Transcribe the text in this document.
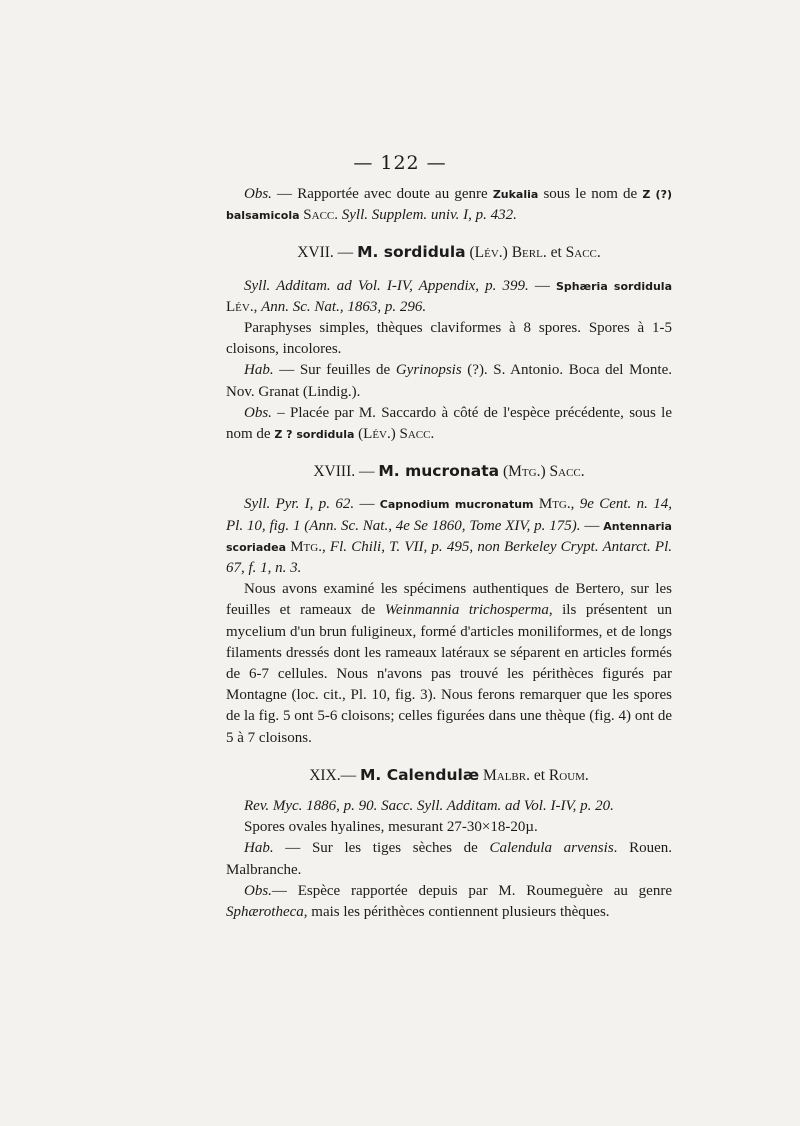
— 122 —

Obs. — Rapportée avec doute au genre Zukalia sous le nom de Z (?) balsamicola Sacc. Syll. Supplem. univ. I, p. 432.

XVII. — M. sordidula (Lév.) Berl. et Sacc.

Syll. Additam. ad Vol. I-IV, Appendix, p. 399. — Sphæria sordidula Lév., Ann. Sc. Nat., 1863, p. 296.

Paraphyses simples, thèques claviformes à 8 spores. Spores à 1-5 cloisons, incolores.

Hab. — Sur feuilles de Gyrinopsis (?). S. Antonio. Boca del Monte. Nov. Granat (Lindig.).

Obs. – Placée par M. Saccardo à côté de l'espèce précédente, sous le nom de Z ? sordidula (Lév.) Sacc.

XVIII. — M. mucronata (Mtg.) Sacc.

Syll. Pyr. I, p. 62. — Capnodium mucronatum Mtg., 9e Cent. n. 14, Pl. 10, fig. 1 (Ann. Sc. Nat., 4e Se 1860, Tome XIV, p. 175). — Antennaria scoriadea Mtg., Fl. Chili, T. VII, p. 495, non Berkeley Crypt. Antarct. Pl. 67, f. 1, n. 3.

Nous avons examiné les spécimens authentiques de Bertero, sur les feuilles et rameaux de Weinmannia trichosperma, ils présentent un mycelium d'un brun fuligineux, formé d'articles moniliformes, et de longs filaments dressés dont les rameaux latéraux se séparent en articles formés de 6-7 cellules. Nous n'avons pas trouvé les périthèces figurés par Montagne (loc. cit., Pl. 10, fig. 3). Nous ferons remarquer que les spores de la fig. 5 ont 5-6 cloisons; celles figurées dans une thèque (fig. 4) ont de 5 à 7 cloisons.

XIX.— M. Calendulæ Malbr. et Roum.

Rev. Myc. 1886, p. 90. Sacc. Syll. Additam. ad Vol. I-IV, p. 20.

Spores ovales hyalines, mesurant 27-30×18-20µ.

Hab. — Sur les tiges sèches de Calendula arvensis. Rouen. Malbranche.

Obs.— Espèce rapportée depuis par M. Roumeguère au genre Sphærotheca, mais les périthèces contiennent plusieurs thèques.
